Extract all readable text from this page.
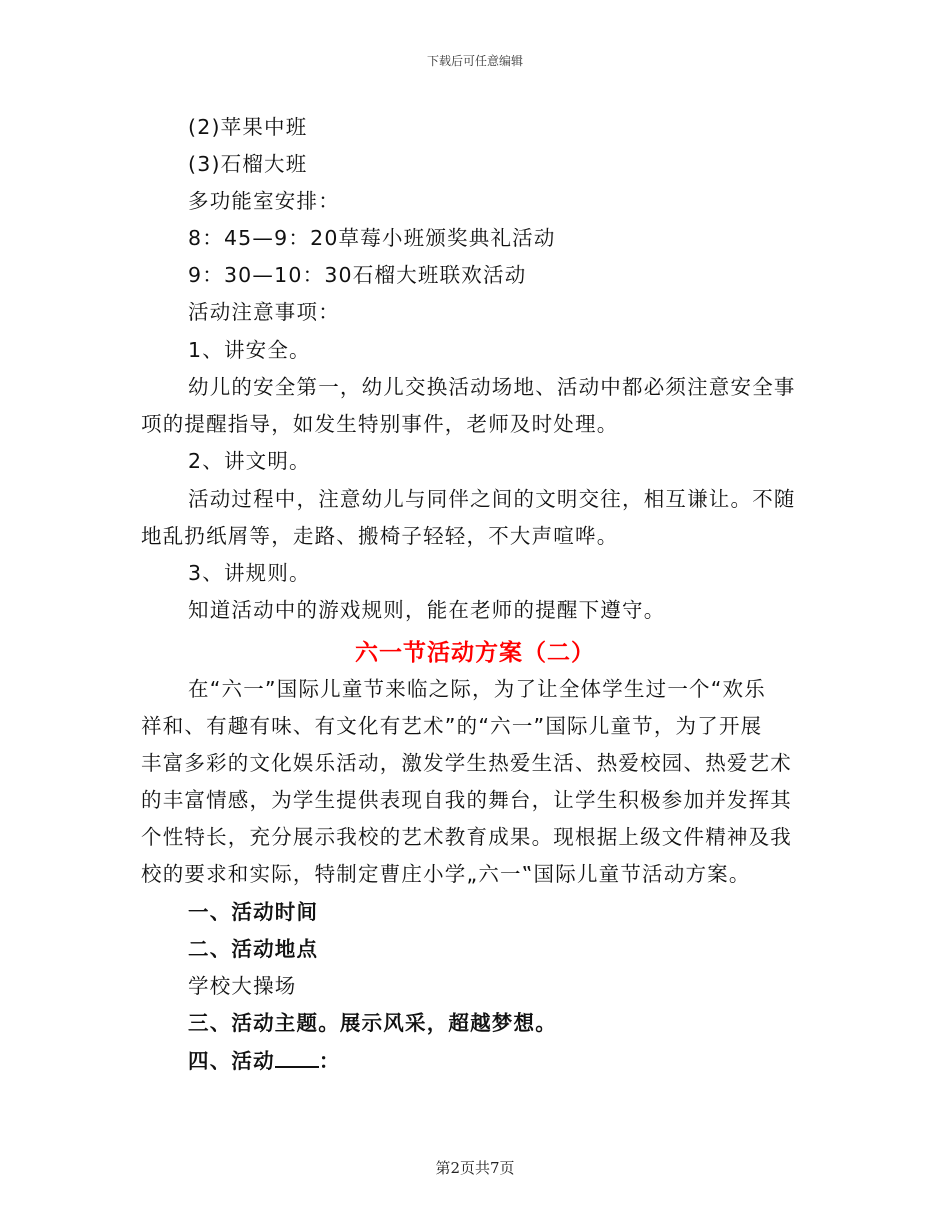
下载后可任意编辑
(2)苹果中班
(3)石榴大班
多功能室安排：
8：45—9：20草莓小班颁奖典礼活动
9：30—10：30石榴大班联欢活动
活动注意事项：
1、讲安全。
幼儿的安全第一，幼儿交换活动场地、活动中都必须注意安全事
项的提醒指导，如发生特别事件，老师及时处理。
2、讲文明。
活动过程中，注意幼儿与同伴之间的文明交往，相互谦让。不随
地乱扔纸屑等，走路、搬椅子轻轻，不大声喧哗。
3、讲规则。
知道活动中的游戏规则，能在老师的提醒下遵守。
六一节活动方案（二）
在“六一”国际儿童节来临之际，为了让全体学生过一个“欢乐
祥和、有趣有味、有文化有艺术”的“六一”国际儿童节，为了开展
丰富多彩的文化娱乐活动，激发学生热爱生活、热爱校园、热爱艺术
的丰富情感，为学生提供表现自我的舞台，让学生积极参加并发挥其
个性特长，充分展示我校的艺术教育成果。现根据上级文件精神及我
校的要求和实际，特制定曹庄小学„六一‟国际儿童节活动方案。
一、活动时间
二、活动地点
学校大操场
三、活动主题。展示风采，超越梦想。
四、活动 ：
第2页共7页
